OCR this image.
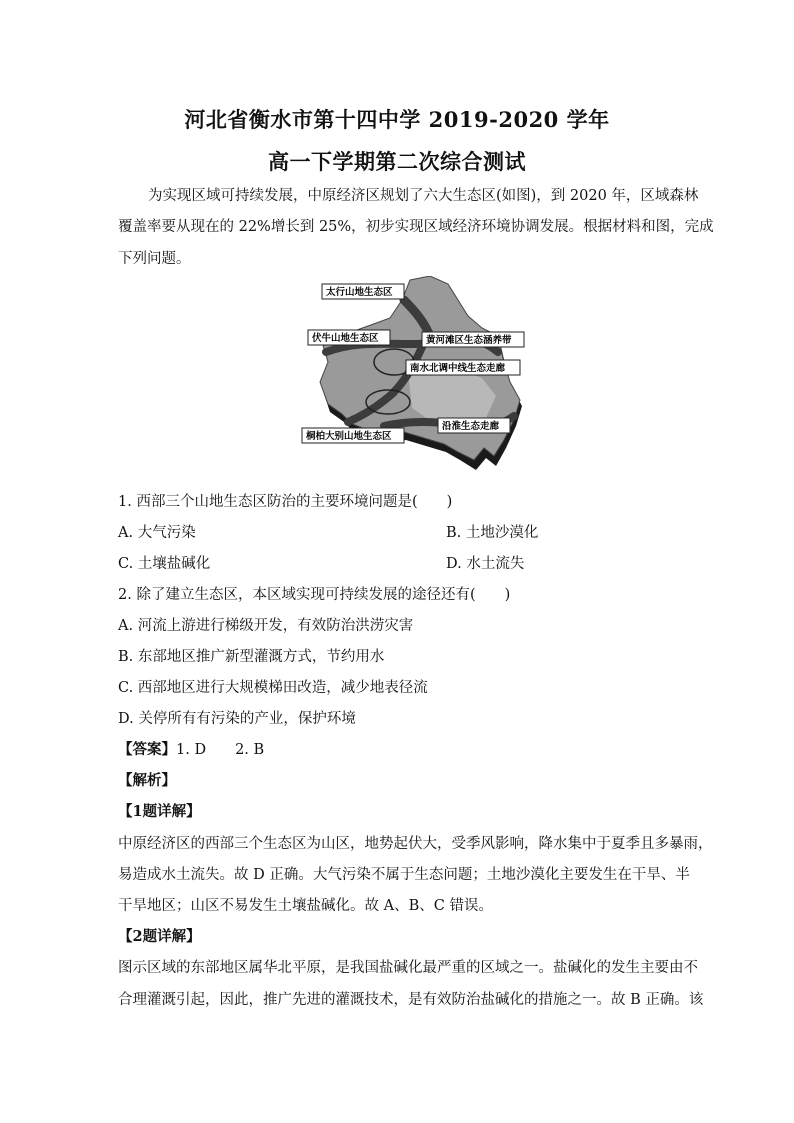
河北省衡水市第十四中学 2019-2020 学年
高一下学期第二次综合测试
为实现区域可持续发展，中原经济区规划了六大生态区(如图)，到 2020 年，区域森林
覆盖率要从现在的 22%增长到 25%，初步实现区域经济环境协调发展。根据材料和图，完成
下列问题。
太行山地生态区
伏牛山地生态区	黄河滩区生态涵养带
南水北调中线生态走廊
沿淮生态走廊
桐柏大别山地生态区
1. 西部三个山地生态区防治的主要环境问题是(　　)
A. 大气污染	B. 土地沙漠化
C. 土壤盐碱化	D. 水土流失
2. 除了建立生态区，本区域实现可持续发展的途径还有(　　)
A. 河流上游进行梯级开发，有效防治洪涝灾害
B. 东部地区推广新型灌溉方式，节约用水
C. 西部地区进行大规模梯田改造，减少地表径流
D. 关停所有有污染的产业，保护环境
【答案】1. D　　2. B
【解析】
【1题详解】
中原经济区的西部三个生态区为山区，地势起伏大，受季风影响，降水集中于夏季且多暴雨，
易造成水土流失。故 D 正确。大气污染不属于生态问题；土地沙漠化主要发生在干旱、半
干旱地区；山区不易发生土壤盐碱化。故 A、B、C 错误。
【2题详解】
图示区域的东部地区属华北平原，是我国盐碱化最严重的区域之一。盐碱化的发生主要由不
合理灌溉引起，因此，推广先进的灌溉技术，是有效防治盐碱化的措施之一。故 B 正确。该
